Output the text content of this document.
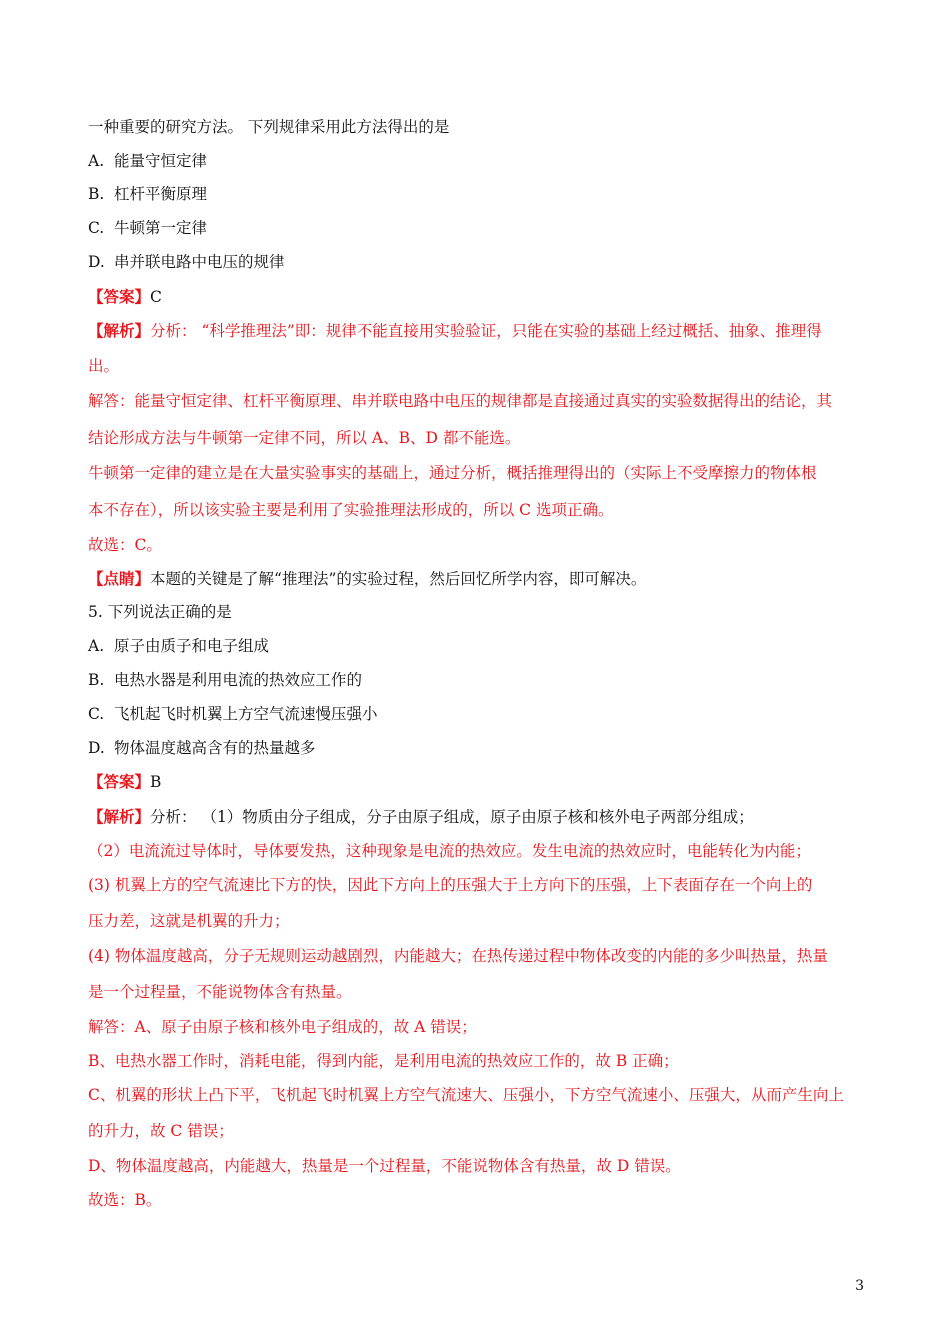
一种重要的研究方法。 下列规律采用此方法得出的是
A. 能量守恒定律
B. 杠杆平衡原理
C. 牛顿第一定律
D. 串并联电路中电压的规律
【答案】C
【解析】分析： “科学推理法”即：规律不能直接用实验验证，只能在实验的基础上经过概括、抽象、推理得
出。
解答：能量守恒定律、杠杆平衡原理、串并联电路中电压的规律都是直接通过真实的实验数据得出的结论，其
结论形成方法与牛顿第一定律不同，所以 A、B、D 都不能选。
牛顿第一定律的建立是在大量实验事实的基础上，通过分析，概括推理得出的（实际上不受摩擦力的物体根
本不存在），所以该实验主要是利用了实验推理法形成的，所以 C 选项正确。
故选：C。
【点睛】本题的关键是了解“推理法”的实验过程，然后回忆所学内容，即可解决。
5. 下列说法正确的是
A. 原子由质子和电子组成
B. 电热水器是利用电流的热效应工作的
C. 飞机起飞时机翼上方空气流速慢压强小
D. 物体温度越高含有的热量越多
【答案】B
【解析】分析： （1）物质由分子组成，分子由原子组成，原子由原子核和核外电子两部分组成；
（2）电流流过导体时，导体要发热，这种现象是电流的热效应。发生电流的热效应时，电能转化为内能；
(3) 机翼上方的空气流速比下方的快，因此下方向上的压强大于上方向下的压强，上下表面存在一个向上的
压力差，这就是机翼的升力；
(4) 物体温度越高，分子无规则运动越剧烈，内能越大；在热传递过程中物体改变的内能的多少叫热量，热量
是一个过程量，不能说物体含有热量。
解答：A、原子由原子核和核外电子组成的，故 A 错误；
B、电热水器工作时，消耗电能，得到内能，是利用电流的热效应工作的，故 B 正确；
C、机翼的形状上凸下平，飞机起飞时机翼上方空气流速大、压强小，下方空气流速小、压强大，从而产生向上
的升力，故 C 错误；
D、物体温度越高，内能越大，热量是一个过程量，不能说物体含有热量，故 D 错误。
故选：B。
3
